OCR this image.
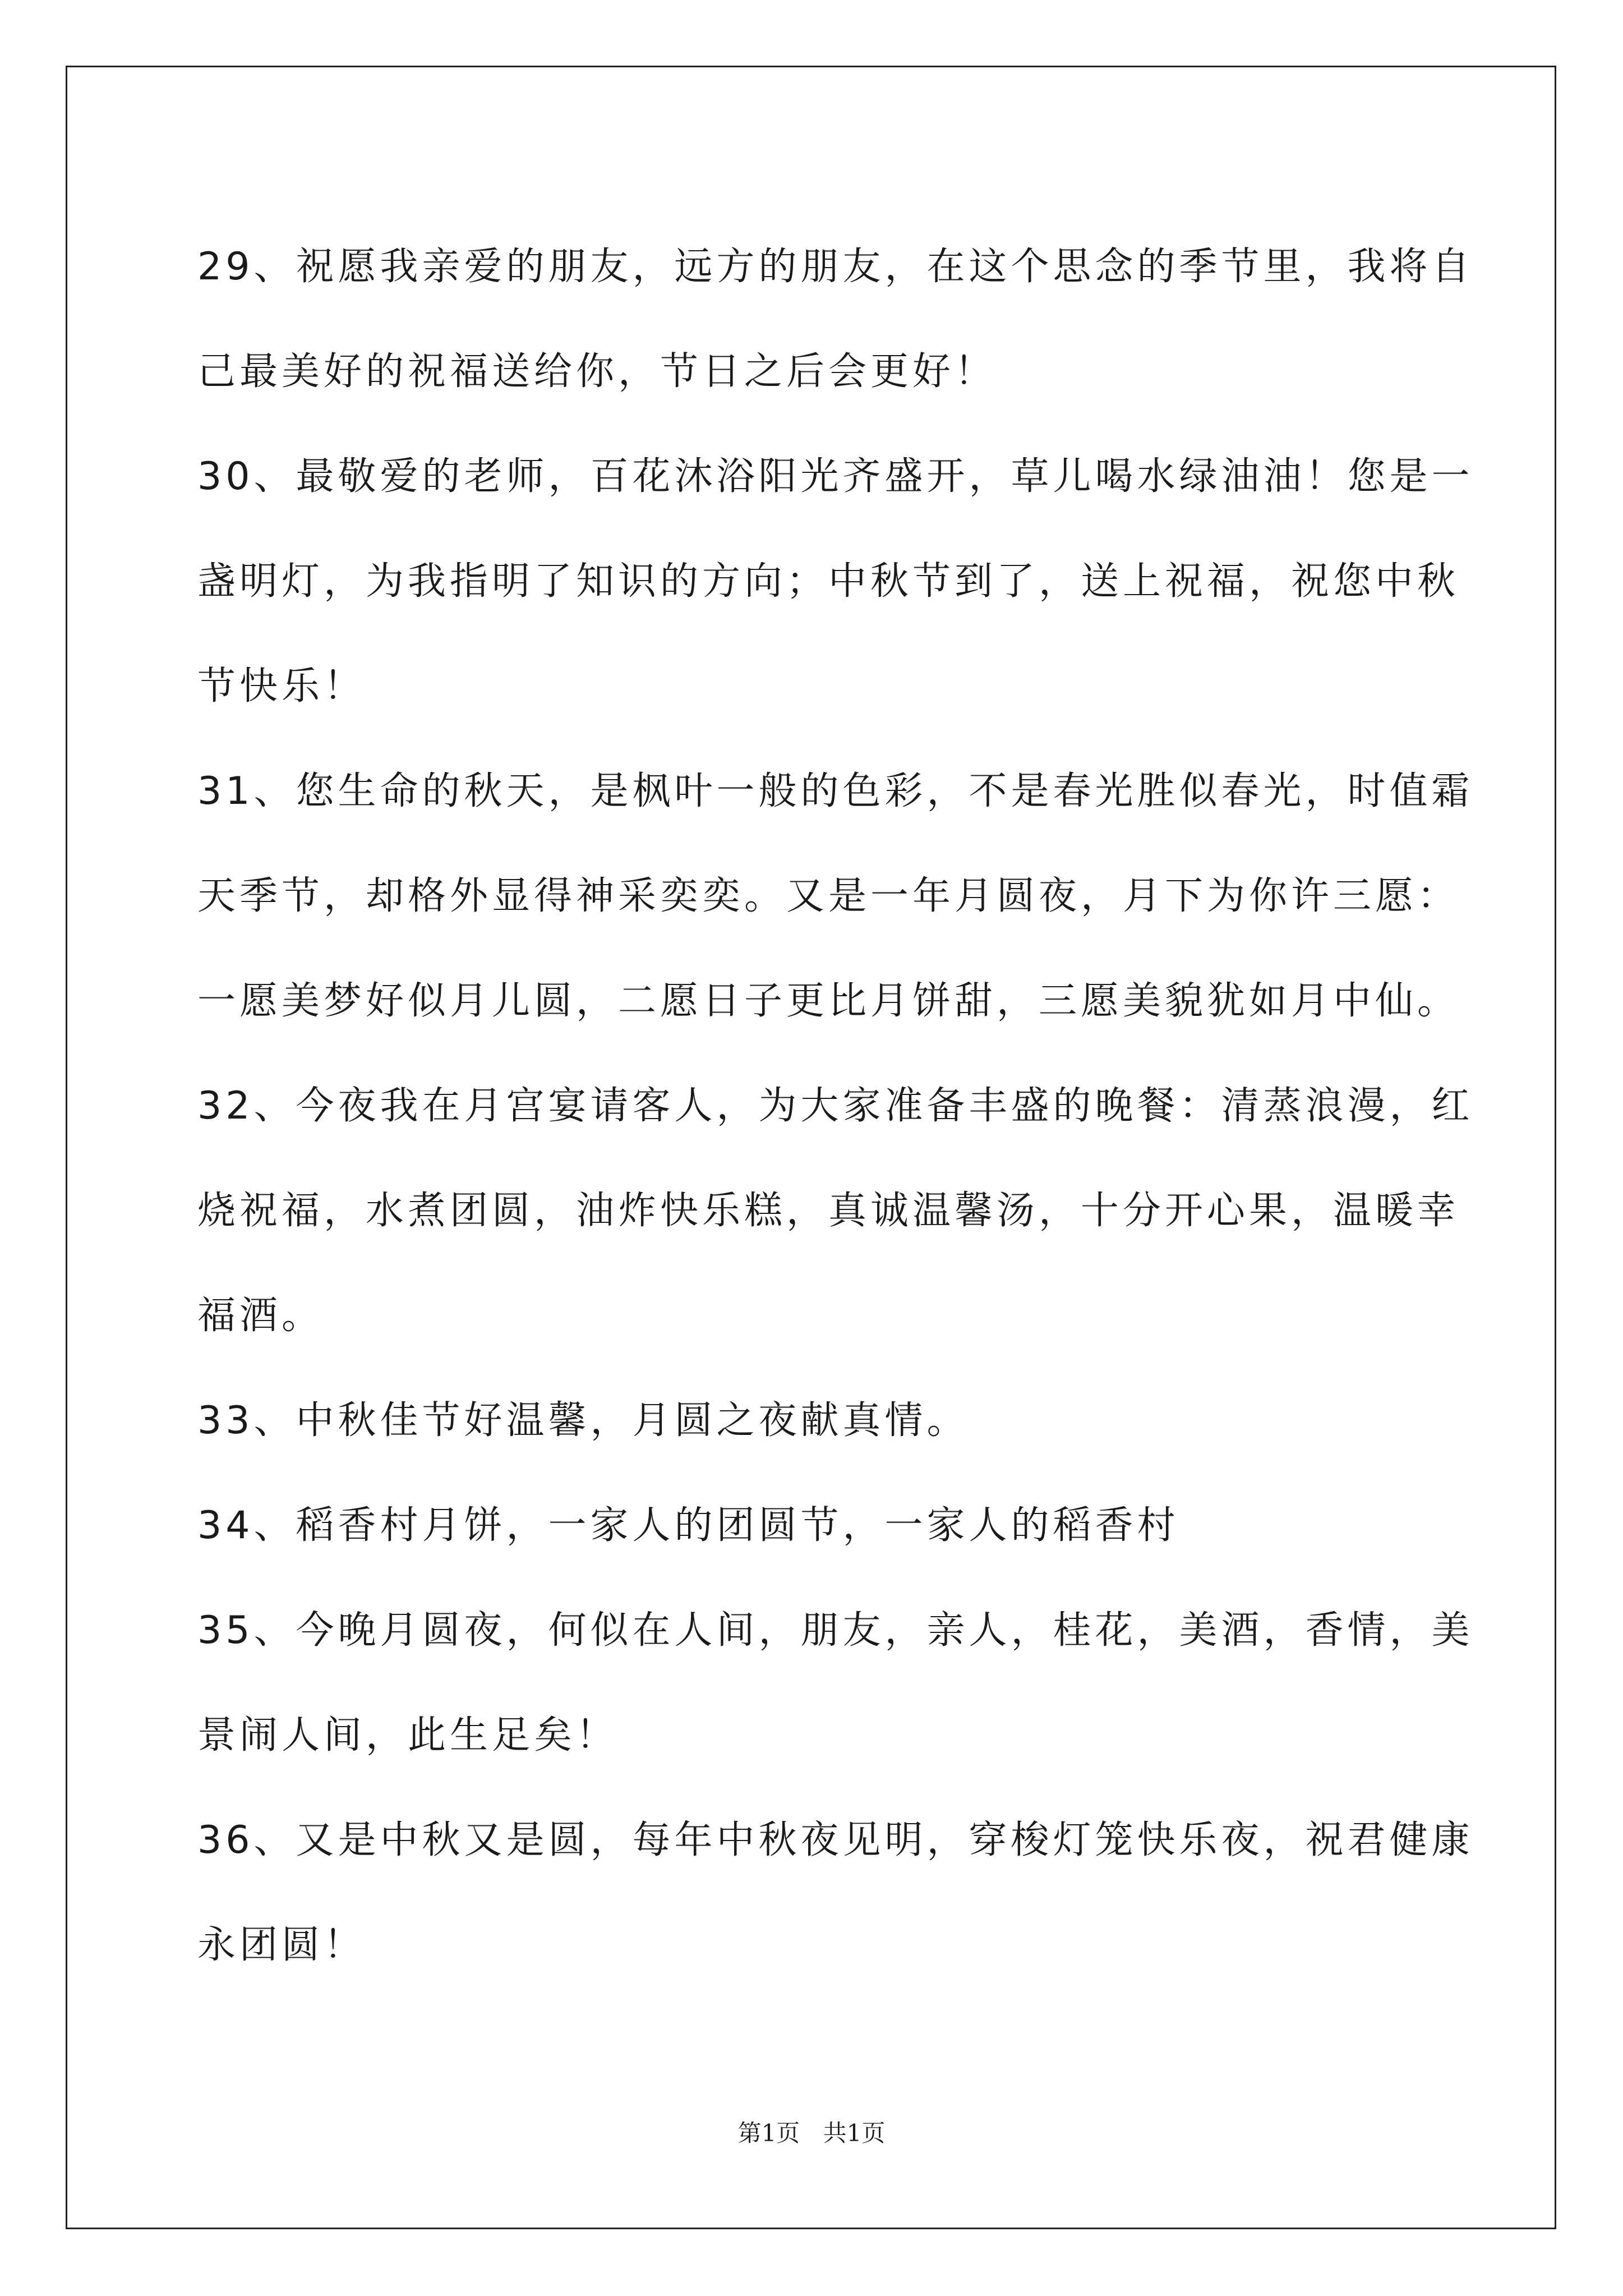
29、祝愿我亲爱的朋友，远方的朋友，在这个思念的季节里，我将自
己最美好的祝福送给你，节日之后会更好！

30、最敬爱的老师，百花沐浴阳光齐盛开，草儿喝水绿油油！您是一
盏明灯，为我指明了知识的方向；中秋节到了，送上祝福，祝您中秋
节快乐！

31、您生命的秋天，是枫叶一般的色彩，不是春光胜似春光，时值霜
天季节，却格外显得神采奕奕。又是一年月圆夜，月下为你许三愿：
一愿美梦好似月儿圆，二愿日子更比月饼甜，三愿美貌犹如月中仙。

32、今夜我在月宫宴请客人，为大家准备丰盛的晚餐：清蒸浪漫，红
烧祝福，水煮团圆，油炸快乐糕，真诚温馨汤，十分开心果，温暖幸
福酒。

33、中秋佳节好温馨，月圆之夜献真情。

34、稻香村月饼，一家人的团圆节，一家人的稻香村

35、今晚月圆夜，何似在人间，朋友，亲人，桂花，美酒，香情，美
景闹人间，此生足矣！

36、又是中秋又是圆，每年中秋夜见明，穿梭灯笼快乐夜，祝君健康
永团圆！

第1页 共1页
